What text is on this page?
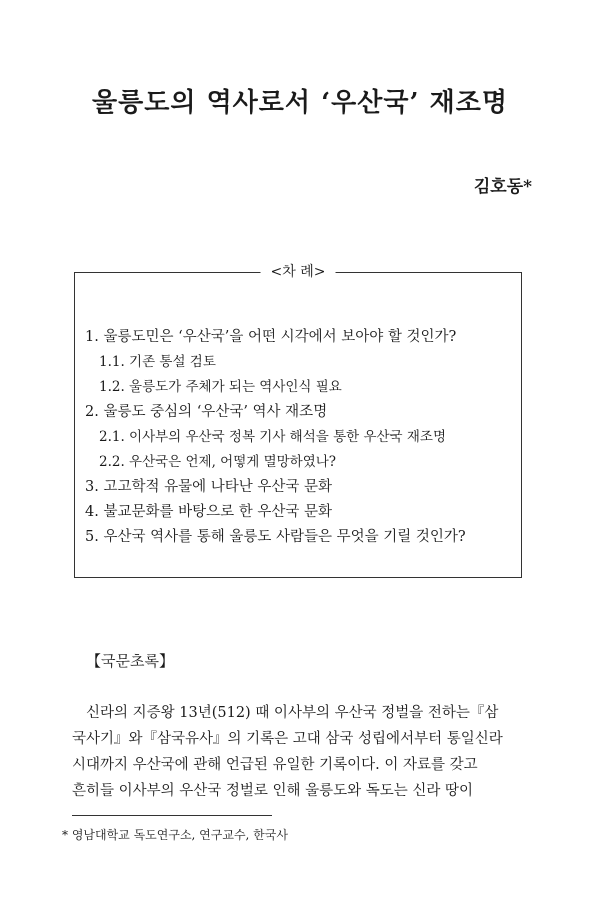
울릉도의 역사로서 ‘우산국’ 재조명
김호동*
<차 례>
1. 울릉도민은 ‘우산국’을 어떤 시각에서 보아야 할 것인가?
1.1. 기존 통설 검토
1.2. 울릉도가 주체가 되는 역사인식 필요
2. 울릉도 중심의 ‘우산국’ 역사 재조명
2.1. 이사부의 우산국 정복 기사 해석을 통한 우산국 재조명
2.2. 우산국은 언제, 어떻게 멸망하였나?
3. 고고학적 유물에 나타난 우산국 문화
4. 불교문화를 바탕으로 한 우산국 문화
5. 우산국 역사를 통해 울릉도 사람들은 무엇을 기릴 것인가?
【국문초록】
신라의 지증왕 13년(512) 때 이사부의 우산국 정벌을 전하는『삼
국사기』와『삼국유사』의 기록은 고대 삼국 성립에서부터 통일신라
시대까지 우산국에 관해 언급된 유일한 기록이다. 이 자료를 갖고
흔히들 이사부의 우산국 정벌로 인해 울릉도와 독도는 신라 땅이
* 영남대학교 독도연구소, 연구교수, 한국사
